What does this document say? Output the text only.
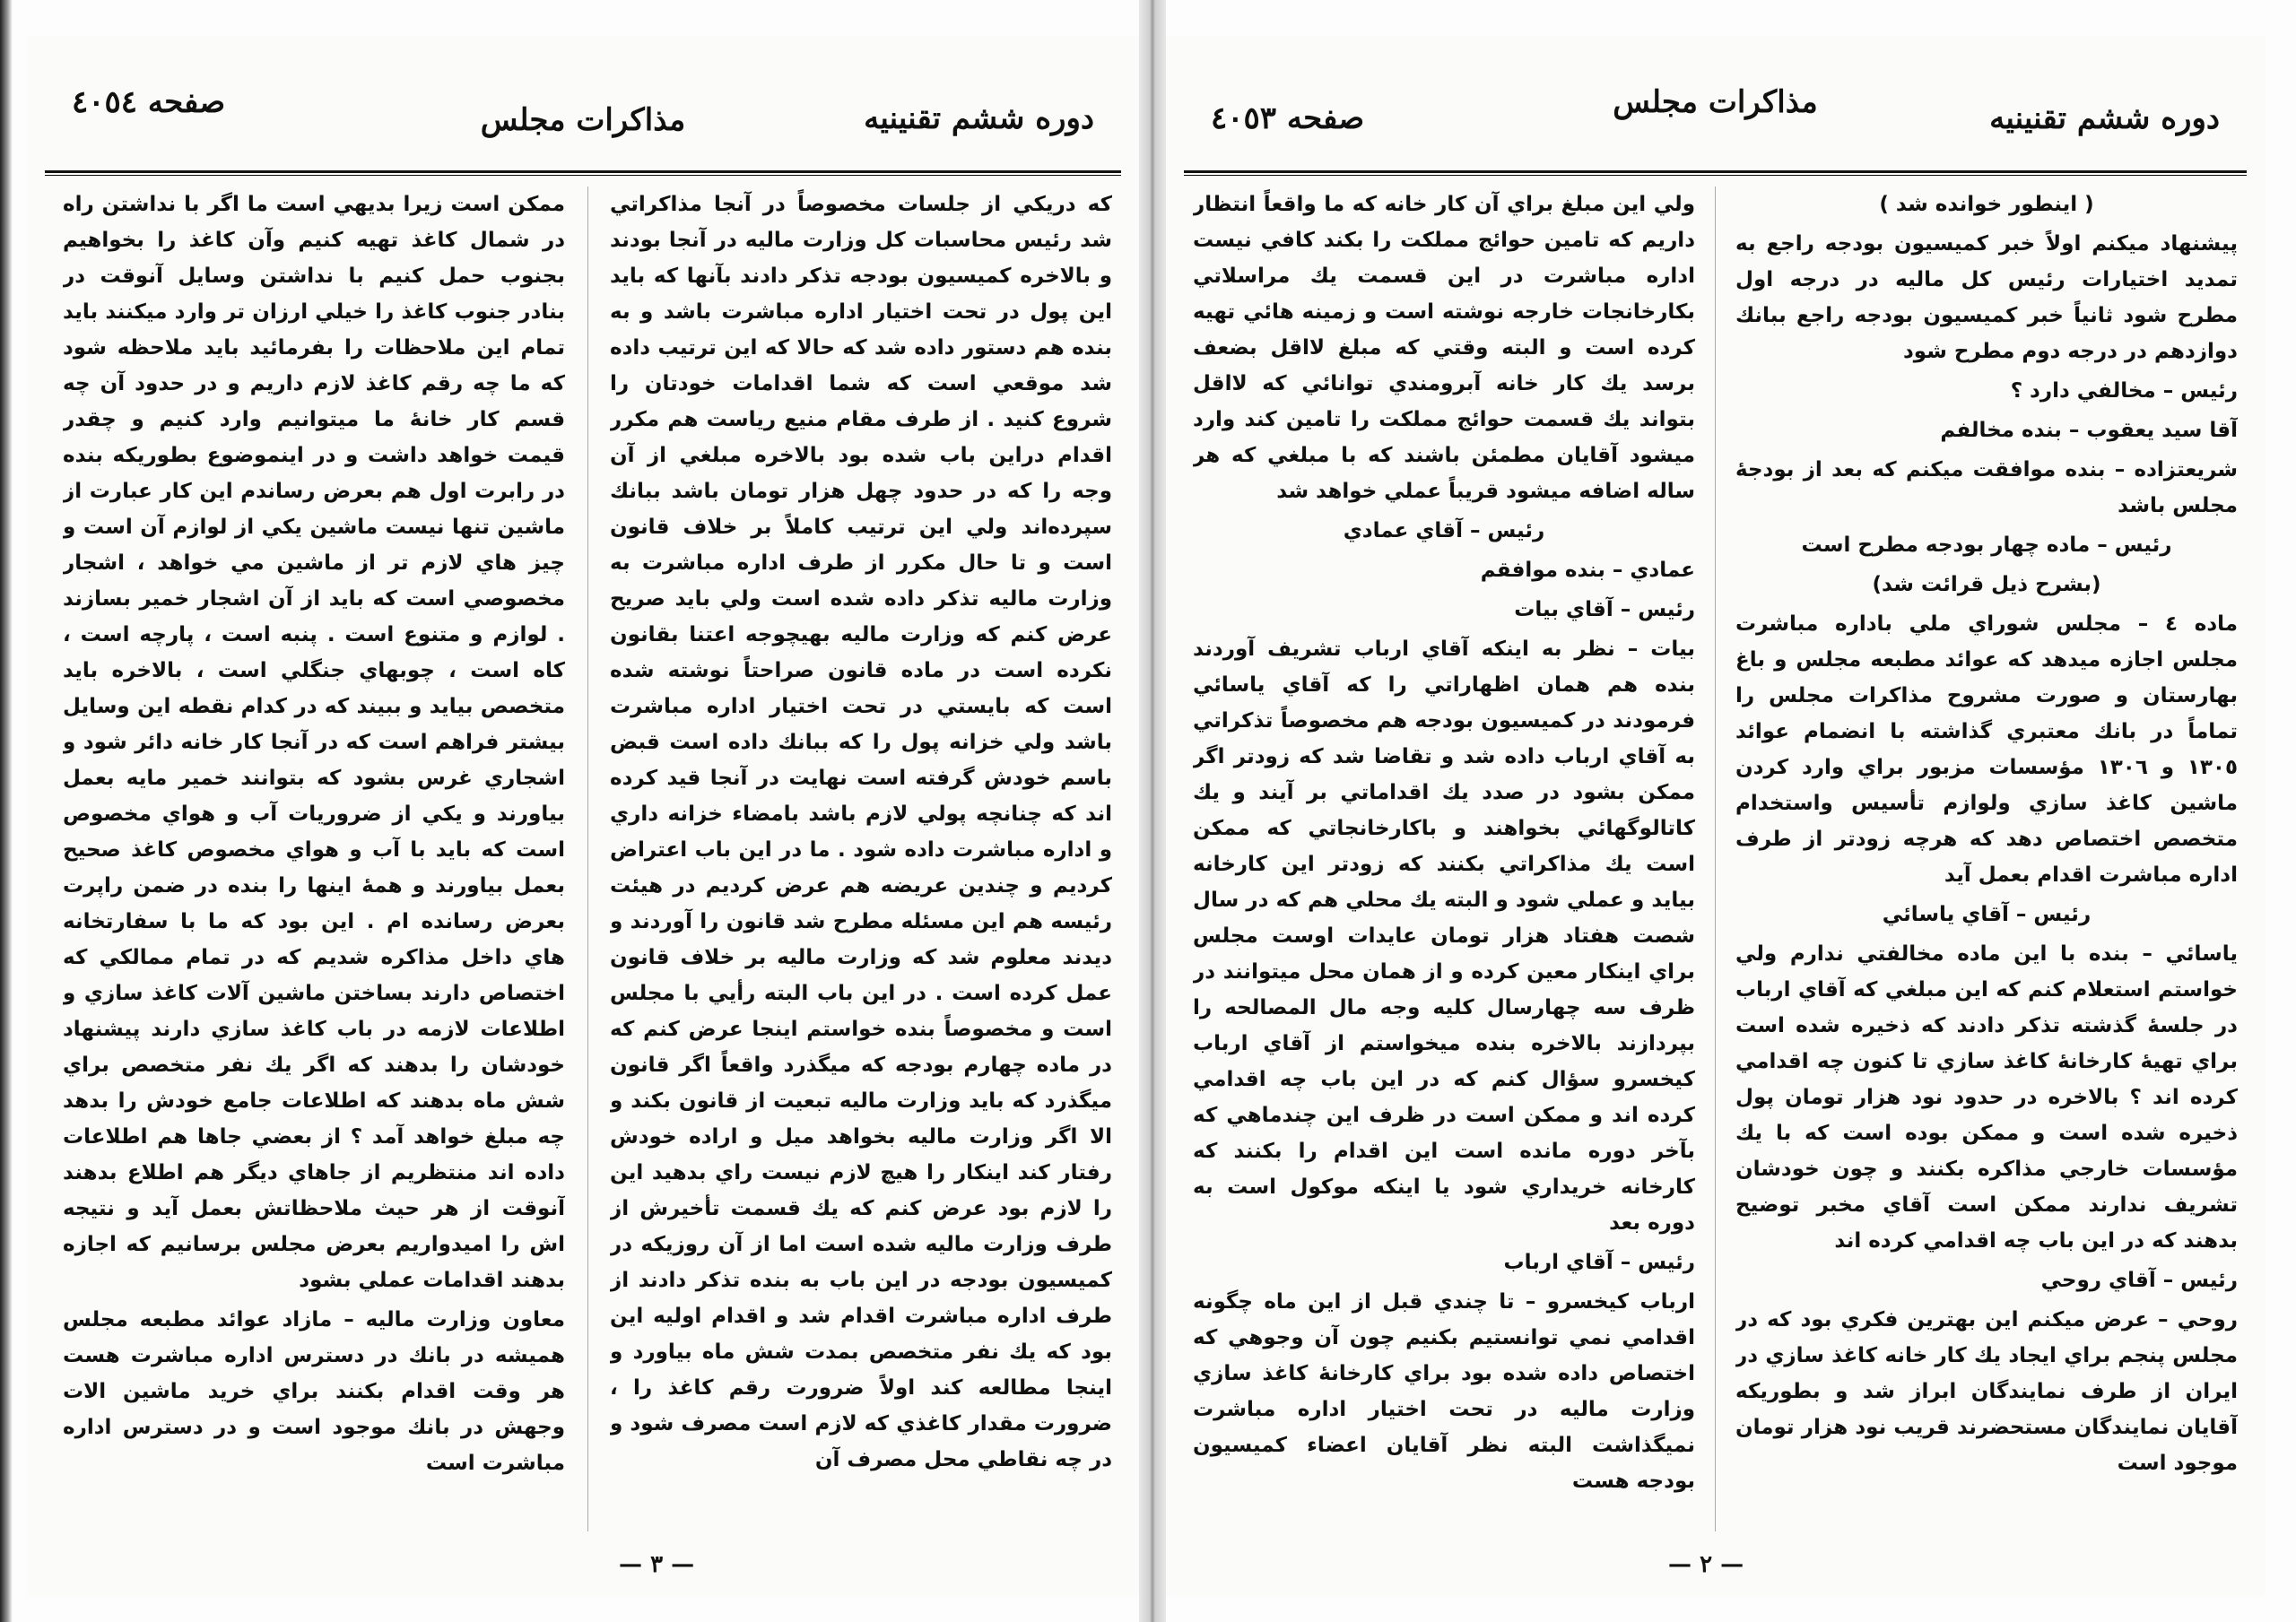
صفحه ٤٠٥٤	مذاكرات مجلس	دوره ششم تقنينيه

كه دريكي از جلسات مخصوصاً در آنجا مذاكراتي شد رئيس محاسبات كل وزارت ماليه در آنجا بودند و بالاخره كميسيون بودجه تذكر دادند بآنها كه بايد اين پول در تحت اختيار اداره مباشرت باشد و به بنده هم دستور داده شد كه حالا كه اين ترتيب داده شد موقعي است كه شما اقدامات خودتان را شروع كنيد . از طرف مقام منيع رياست هم مكرر اقدام دراين باب شده بود بالاخره مبلغي از آن وجه را كه در حدود چهل هزار تومان باشد ببانك سپرده‌اند ولي اين ترتيب كاملاً بر خلاف قانون است و تا حال مكرر از طرف اداره مباشرت به وزارت ماليه تذكر داده شده است ولي بايد صريح عرض كنم كه وزارت ماليه بهيچوجه اعتنا بقانون نكرده است در ماده قانون صراحتاً نوشته شده است كه بايستي در تحت اختيار اداره مباشرت باشد ولي خزانه پول را كه ببانك داده است قبض باسم خودش گرفته است نهايت در آنجا قيد كرده اند كه چنانچه پولي لازم باشد بامضاء خزانه داري و اداره مباشرت داده شود . ما در اين باب اعتراض كرديم و چندين عريضه هم عرض كرديم در هيئت رئيسه هم اين مسئله مطرح شد قانون را آوردند و ديدند معلوم شد كه وزارت ماليه بر خلاف قانون عمل كرده است . در اين باب البته رأيي با مجلس است و مخصوصاً بنده خواستم اينجا عرض كنم كه در ماده چهارم بودجه كه ميگذرد واقعاً اگر قانون ميگذرد كه بايد وزارت ماليه تبعيت از قانون بكند و الا اگر وزارت ماليه بخواهد ميل و اراده خودش رفتار كند اينكار را هيچ لازم نيست راي بدهيد اين را لازم بود عرض كنم كه يك قسمت تأخيرش از طرف وزارت ماليه شده است اما از آن روزيكه در كميسيون بودجه در اين باب به بنده تذكر دادند از طرف اداره مباشرت اقدام شد و اقدام اوليه اين بود كه يك نفر متخصص بمدت شش ماه بياورد و اينجا مطالعه كند اولاً ضرورت رقم كاغذ را ، ضرورت مقدار كاغذي كه لازم است مصرف شود و در چه نقاطي محل مصرف آن

ممكن است زيرا بديهي است ما اگر با نداشتن راه در شمال كاغذ تهيه كنيم وآن كاغذ را بخواهيم بجنوب حمل كنيم با نداشتن وسايل آنوقت در بنادر جنوب كاغذ را خيلي ارزان تر وارد ميكنند بايد تمام اين ملاحظات را بفرمائيد بايد ملاحظه شود كه ما چه رقم كاغذ لازم داريم و در حدود آن چه قسم كار خانهٔ ما ميتوانيم وارد كنيم و چقدر قيمت خواهد داشت و در اينموضوع بطوريكه بنده در رابرت اول هم بعرض رساندم اين كار عبارت از ماشين تنها نيست ماشين يكي از لوازم آن است و چيز هاي لازم تر از ماشين مي خواهد ، اشجار مخصوصي است كه بايد از آن اشجار خمير بسازند . لوازم و متنوع است . پنبه است ، پارچه است ، كاه است ، چوبهاي جنگلي است ، بالاخره بايد متخصص بيايد و ببيند كه در كدام نقطه اين وسايل بيشتر فراهم است كه در آنجا كار خانه دائر شود و اشجاري غرس بشود كه بتوانند خمير مايه بعمل بياورند و يكي از ضروريات آب و هواي مخصوص است كه بايد با آب و هواي مخصوص كاغذ صحيح بعمل بياورند و همهٔ اينها را بنده در ضمن راپرت بعرض رسانده ام . اين بود كه ما با سفارتخانه هاي داخل مذاكره شديم كه در تمام ممالكي كه اختصاص دارند بساختن ماشين آلات كاغذ سازي و اطلاعات لازمه در باب كاغذ سازي دارند پيشنهاد خودشان را بدهند كه اگر يك نفر متخصص براي شش ماه بدهند كه اطلاعات جامع خودش را بدهد چه مبلغ خواهد آمد ؟ از بعضي جاها هم اطلاعات داده اند منتظريم از جاهاي ديگر هم اطلاع بدهند آنوقت از هر حيث ملاحظاتش بعمل آيد و نتيجه اش را اميدواريم بعرض مجلس برسانيم كه اجازه بدهند اقدامات عملي بشود

معاون وزارت ماليه – مازاد عوائد مطبعه مجلس هميشه در بانك در دسترس اداره مباشرت هست هر وقت اقدام بكنند براي خريد ماشين الات وجهش در بانك موجود است و در دسترس اداره مباشرت است

— ٣ —
صفحه ٤٠٥٣	مذاكرات مجلس	دوره ششم تقنينيه

( اينطور خوانده شد )

پيشنهاد ميكنم اولاً خبر كميسيون بودجه راجع به تمديد اختيارات رئيس كل ماليه در درجه اول مطرح شود ثانياً خبر كميسيون بودجه راجع ببانك دوازدهم در درجه دوم مطرح شود

رئيس – مخالفي دارد ؟

آقا سيد يعقوب – بنده مخالفم

شريعتزاده – بنده موافقت ميكنم كه بعد از بودجهٔ مجلس باشد

رئيس – ماده چهار بودجه مطرح است

(بشرح ذيل قرائت شد)

ماده ٤ – مجلس شوراي ملي باداره مباشرت مجلس اجازه ميدهد كه عوائد مطبعه مجلس و باغ بهارستان و صورت مشروح مذاكرات مجلس را تماماً در بانك معتبري گذاشته با انضمام عوائد ١٣٠٥ و ١٣٠٦ مؤسسات مزبور براي وارد كردن ماشين كاغذ سازي ولوازم تأسيس واستخدام متخصص اختصاص دهد كه هرچه زودتر از طرف اداره مباشرت اقدام بعمل آيد

رئيس – آقاي ياسائي

ياسائي – بنده با اين ماده مخالفتي ندارم ولي خواستم استعلام كنم كه اين مبلغي كه آقاي ارباب در جلسهٔ گذشته تذكر دادند كه ذخيره شده است براي تهيهٔ كارخانهٔ كاغذ سازي تا كنون چه اقدامي كرده اند ؟ بالاخره در حدود نود هزار تومان پول ذخيره شده است و ممكن بوده است كه با يك مؤسسات خارجي مذاكره بكنند و چون خودشان تشريف ندارند ممكن است آقاي مخبر توضيح بدهند كه در اين باب چه اقدامي كرده اند

رئيس – آقاي روحي

روحي – عرض ميكنم اين بهترين فكري بود كه در مجلس پنجم براي ايجاد يك كار خانه كاغذ سازي در ايران از طرف نمايندگان ابراز شد و بطوريكه آقايان نمايندگان مستحضرند قريب نود هزار تومان موجود است

ولي اين مبلغ براي آن كار خانه كه ما واقعاً انتظار داريم كه تامين حوائج مملكت را بكند كافي نيست اداره مباشرت در اين قسمت يك مراسلاتي بكارخانجات خارجه نوشته است و زمينه هائي تهيه كرده است و البته وقتي كه مبلغ لااقل بضعف برسد يك كار خانه آبرومندي توانائي كه لااقل بتواند يك قسمت حوائج مملكت را تامين كند وارد ميشود آقايان مطمئن باشند كه با مبلغي كه هر ساله اضافه ميشود قريباً عملي خواهد شد

رئيس – آقاي عمادي

عمادي – بنده موافقم

رئيس – آقاي بيات

بيات – نظر به اينكه آقاي ارباب تشريف آوردند بنده هم همان اظهاراتي را كه آقاي ياسائي فرمودند در كميسيون بودجه هم مخصوصاً تذكراتي به آقاي ارباب داده شد و تقاضا شد كه زودتر اگر ممكن بشود در صدد يك اقداماتي بر آيند و يك كاتالوگهائي بخواهند و باكارخانجاتي كه ممكن است يك مذاكراتي بكنند كه زودتر اين كارخانه بيايد و عملي شود و البته يك محلي هم كه در سال شصت هفتاد هزار تومان عايدات اوست مجلس براي اينكار معين كرده و از همان محل ميتوانند در ظرف سه چهارسال كليه وجه مال المصالحه را بپردازند بالاخره بنده ميخواستم از آقاي ارباب كيخسرو سؤال كنم كه در اين باب چه اقدامي كرده اند و ممكن است در ظرف اين چندماهي كه بآخر دوره مانده است اين اقدام را بكنند كه كارخانه خريداري شود يا اينكه موكول است به دوره بعد

رئيس – آقاي ارباب

ارباب كيخسرو – تا چندي قبل از اين ماه چگونه اقدامي نمي توانستيم بكنيم چون آن وجوهي كه اختصاص داده شده بود براي كارخانهٔ كاغذ سازي وزارت ماليه در تحت اختيار اداره مباشرت نميگذاشت البته نظر آقايان اعضاء كميسيون بودجه هست

— ٢ —
